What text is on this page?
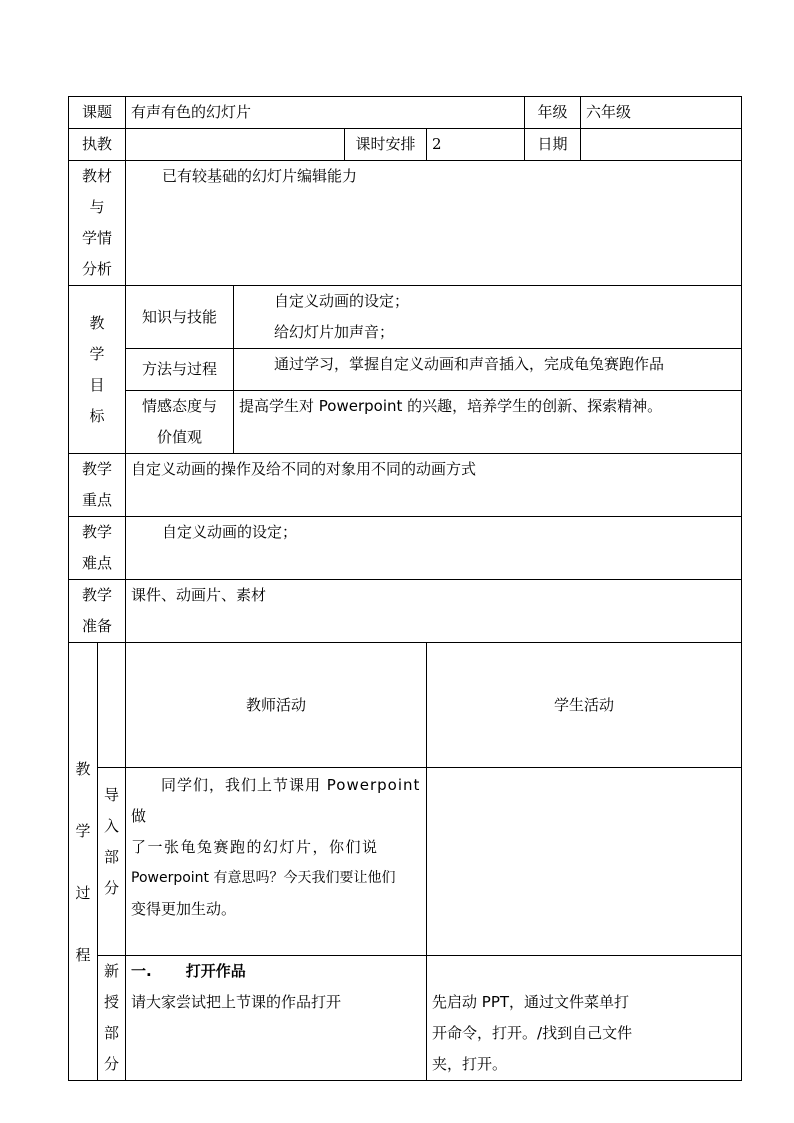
课题		有声有色的幻灯片				年级	六年级	
执教				课时安排	2	日期		

教材
与
学情
分析		已有较基础的幻灯片编辑能力						

教
学
目
标		知识与技能	自定义动画的设定；
给幻灯片加声音；					

		方法与过程	通过学习，掌握自定义动画和声音插入，完成龟兔赛跑作品					

		情感态度与
价值观	提高学生对 Powerpoint 的兴趣，培养学生的创新、探索精神。					

教学
重点		自定义动画的操作及给不同的对象用不同的动画方式						

教学
难点		自定义动画的设定；						

教学
准备		课件、动画片、素材						

教
学
过
程		教师活动			学生活动	

	导
入
部
分	同学们，我们上节课用 Powerpoint 做
了一张龟兔赛跑的幻灯片，你们说
Powerpoint 有意思吗？今天我们要让他们
变得更加生动。						

	新
授
部
分	一. 打开作品
请大家尝试把上节课的作品打开			先启动 PPT，通过文件菜单打
开命令，打开。/找到自己文件
夹，打开。
